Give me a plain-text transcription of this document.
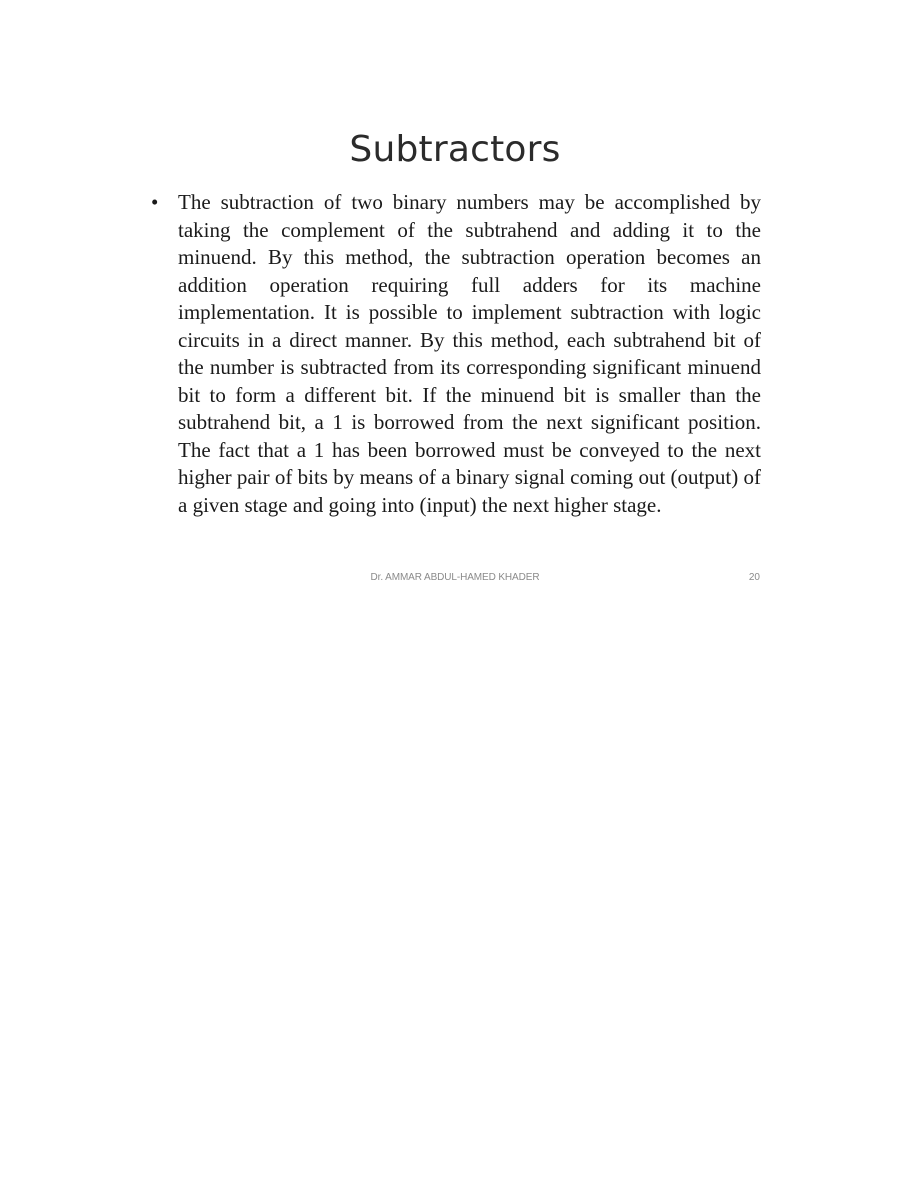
Subtractors
• The subtraction of two binary numbers may be accomplished by taking the complement of the subtrahend and adding it to the minuend. By this method, the subtraction operation becomes an addition operation requiring full adders for its machine implementation. It is possible to implement subtraction with logic circuits in a direct manner. By this method, each subtrahend bit of the number is subtracted from its corresponding significant minuend bit to form a different bit. If the minuend bit is smaller than the subtrahend bit, a 1 is borrowed from the next significant position. The fact that a 1 has been borrowed must be conveyed to the next higher pair of bits by means of a binary signal coming out (output) of a given stage and going into (input) the next higher stage.
Dr. AMMAR ABDUL-HAMED KHADER	20
